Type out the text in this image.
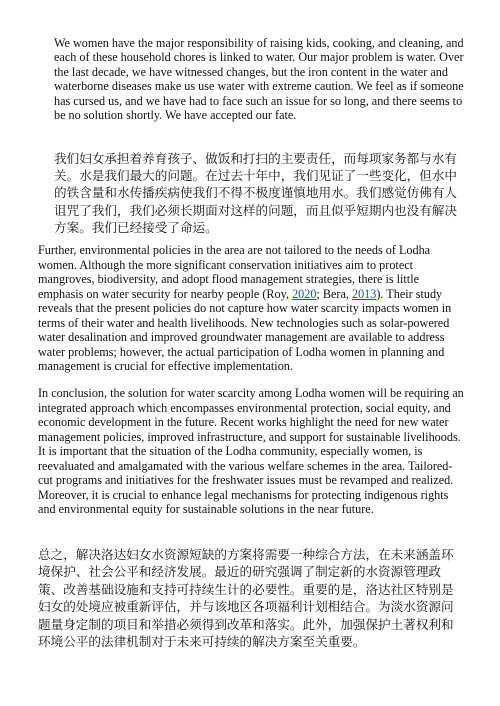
We women have the major responsibility of raising kids, cooking, and cleaning, and each of these household chores is linked to water. Our major problem is water. Over the last decade, we have witnessed changes, but the iron content in the water and waterborne diseases make us use water with extreme caution. We feel as if someone has cursed us, and we have had to face such an issue for so long, and there seems to be no solution shortly. We have accepted our fate.

我们妇女承担着养育孩子、做饭和打扫的主要责任，而每项家务都与水有关。水是我们最大的问题。在过去十年中，我们见证了一些变化，但水中的铁含量和水传播疾病使我们不得不极度谨慎地用水。我们感觉仿佛有人诅咒了我们，我们必须长期面对这样的问题，而且似乎短期内也没有解决方案。我们已经接受了命运。

Further, environmental policies in the area are not tailored to the needs of Lodha women. Although the more significant conservation initiatives aim to protect mangroves, biodiversity, and adopt flood management strategies, there is little emphasis on water security for nearby people (Roy, 2020; Bera, 2013). Their study reveals that the present policies do not capture how water scarcity impacts women in terms of their water and health livelihoods. New technologies such as solar-powered water desalination and improved groundwater management are available to address water problems; however, the actual participation of Lodha women in planning and management is crucial for effective implementation.

In conclusion, the solution for water scarcity among Lodha women will be requiring an integrated approach which encompasses environmental protection, social equity, and economic development in the future. Recent works highlight the need for new water management policies, improved infrastructure, and support for sustainable livelihoods. It is important that the situation of the Lodha community, especially women, is reevaluated and amalgamated with the various welfare schemes in the area. Tailored-cut programs and initiatives for the freshwater issues must be revamped and realized. Moreover, it is crucial to enhance legal mechanisms for protecting indigenous rights and environmental equity for sustainable solutions in the near future.

总之，解决洛达妇女水资源短缺的方案将需要一种综合方法，在未来涵盖环境保护、社会公平和经济发展。最近的研究强调了制定新的水资源管理政策、改善基础设施和支持可持续生计的必要性。重要的是，洛达社区特别是妇女的处境应被重新评估，并与该地区各项福利计划相结合。为淡水资源问题量身定制的项目和举措必须得到改革和落实。此外，加强保护土著权利和环境公平的法律机制对于未来可持续的解决方案至关重要。
